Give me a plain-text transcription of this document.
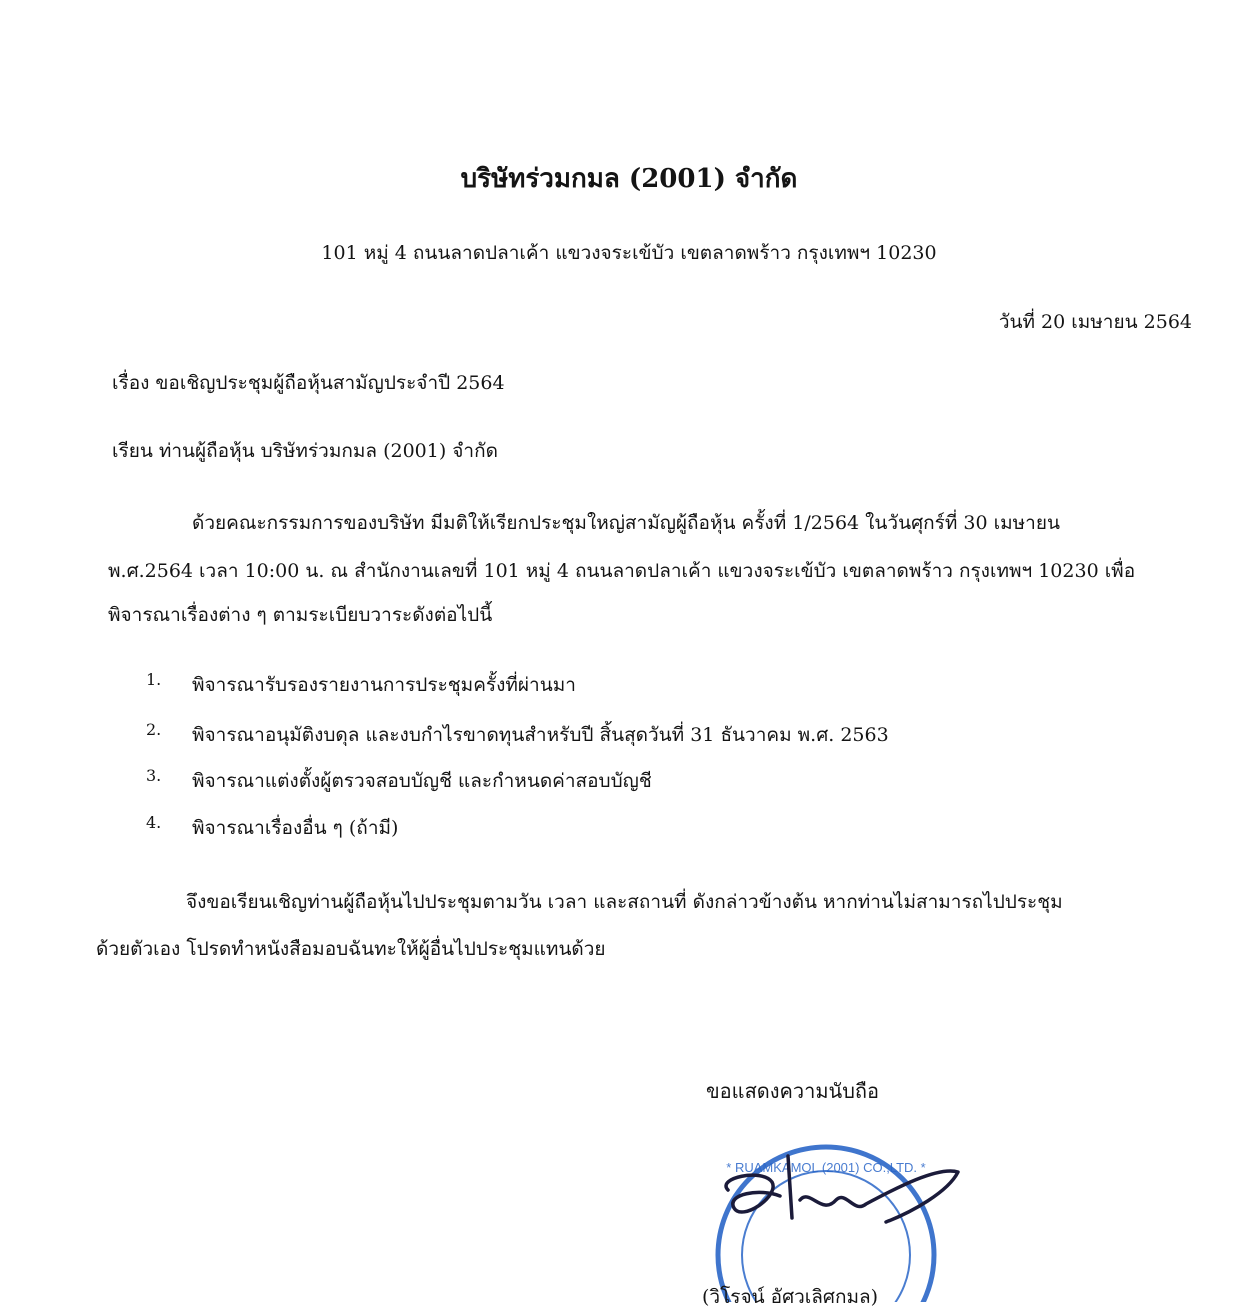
บริษัทร่วมกมล (2001) จำกัด
101 หมู่ 4 ถนนลาดปลาเค้า แขวงจระเข้บัว เขตลาดพร้าว กรุงเทพฯ 10230
วันที่ 20 เมษายน 2564
เรื่อง ขอเชิญประชุมผู้ถือหุ้นสามัญประจำปี 2564
เรียน ท่านผู้ถือหุ้น บริษัทร่วมกมล (2001) จำกัด
ด้วยคณะกรรมการของบริษัท มีมติให้เรียกประชุมใหญ่สามัญผู้ถือหุ้น ครั้งที่ 1/2564 ในวันศุกร์ที่ 30 เมษายน
พ.ศ.2564 เวลา 10:00 น. ณ สำนักงานเลขที่ 101 หมู่ 4 ถนนลาดปลาเค้า แขวงจระเข้บัว เขตลาดพร้าว กรุงเทพฯ 10230 เพื่อ
พิจารณาเรื่องต่าง ๆ ตามระเบียบวาระดังต่อไปนี้
1. พิจารณารับรองรายงานการประชุมครั้งที่ผ่านมา
2. พิจารณาอนุมัติงบดุล และงบกำไรขาดทุนสำหรับปี สิ้นสุดวันที่ 31 ธันวาคม พ.ศ. 2563
3. พิจารณาแต่งตั้งผู้ตรวจสอบบัญชี และกำหนดค่าสอบบัญชี
4. พิจารณาเรื่องอื่น ๆ (ถ้ามี)
จึงขอเรียนเชิญท่านผู้ถือหุ้นไปประชุมตามวัน เวลา และสถานที่ ดังกล่าวข้างต้น หากท่านไม่สามารถไปประชุม
ด้วยตัวเอง โปรดทำหนังสือมอบฉันทะให้ผู้อื่นไปประชุมแทนด้วย
ขอแสดงความนับถือ
* RUAMKAMOL (2001) CO.,LTD. *
(วิโรจน์ อัศวเลิศกมล)
